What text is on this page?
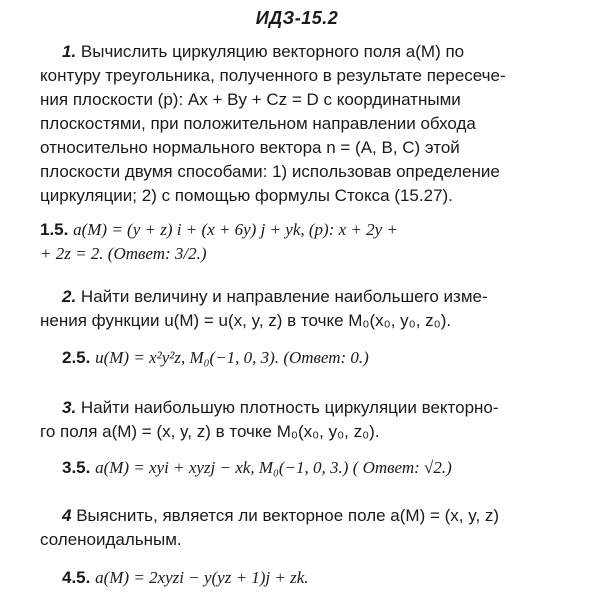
ИДЗ-15.2
1. Вычислить циркуляцию векторного поля a(M) по
контуру треугольника, полученного в результате пересече-
ния плоскости (p): Ax + By + Cz = D с координатными
плоскостями, при положительном направлении обхода
относительно нормального вектора n = (A, B, C) этой
плоскости двумя способами: 1) использовав определение
циркуляции; 2) с помощью формулы Стокса (15.27).
1.5. a(M) = (y + z) i + (x + 6y) j + yk, (p): x + 2y +
+ 2z = 2. (Ответ: 3/2.)
2. Найти величину и направление наибольшего изме-
нения функции u(M) = u(x, y, z) в точке M₀(x₀, y₀, z₀).
2.5. u(M) = x²y²z, M₀(−1, 0, 3). (Ответ: 0.)
3. Найти наибольшую плотность циркуляции векторно-
го поля a(M) = (x, y, z) в точке M₀(x₀, y₀, z₀).
3.5. a(M) = xyi + xyzj − xk, M₀(−1, 0, 3.) ( Ответ: √2.)
4 Выяснить, является ли векторное поле a(M) = (x, y, z)
соленоидальным.
4.5. a(M) = 2xyzi − y(yz + 1)j + zk.
